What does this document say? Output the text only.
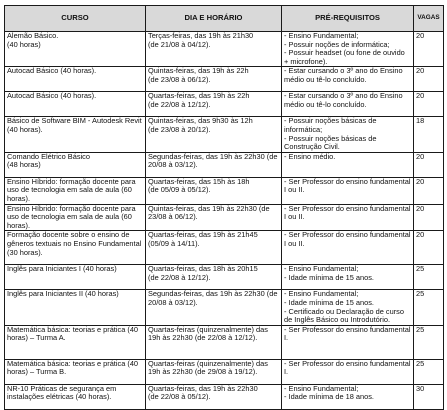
CURSO	DIA E HORÁRIO	PRÉ-REQUISITOS	VAGAS

Alemão Básico.
(40 horas)	Terças-feiras, das 19h às 21h30
(de 21/08 à 04/12).	- Ensino Fundamental;
- Possuir noções de informática;
- Possuir headset (ou fone de ouvido + microfone).	20

Autocad Básico (40 horas).	Quintas-feiras, das 19h às 22h
(de 23/08 à 06/12).	- Estar cursando o 3º ano do Ensino médio ou tê-lo concluído.	20

Autocad Básico (40 horas).	Quartas-feiras, das 19h às 22h
(de 22/08 à 12/12).	- Estar cursando o 3º ano do Ensino médio ou tê-lo concluído.	20

Básico de Software BIM - Autodesk Revit (40 horas).	Quintas-feiras, das 9h30 às 12h
(de 23/08 à 20/12).	- Possuir noções básicas de informática;
- Possuir noções básicas de Construção Civil.	18

Comando Elétrico Básico
(48 horas)	Segundas-feiras, das 19h às 22h30 (de 20/08 à 03/12).	- Ensino médio.	20

Ensino Híbrido: formação docente para uso de tecnologia em sala de aula (60 horas).	Quartas-feiras, das 15h às 18h
(de 05/09 à 05/12).	- Ser Professor do ensino fundamental I ou II.	20

Ensino Híbrido: formação docente para uso de tecnologia em sala de aula (60 horas).	Quintas-feiras, das 19h às 22h30 (de 23/08 à 06/12).	- Ser Professor do ensino fundamental I ou II.	20

Formação docente sobre o ensino de gêneros textuais no Ensino Fundamental (30 horas).	Quartas-feiras, das 19h às 21h45
(05/09 à 14/11).	- Ser Professor do ensino fundamental I ou II.	20

Inglês para Iniciantes I (40 horas)	Quartas-feiras, das 18h às 20h15
(de 22/08 à 12/12).	- Ensino Fundamental;
- Idade mínima de 15 anos.	25

Inglês para Iniciantes II (40 horas)	Segundas-feiras, das 19h às 22h30 (de 20/08 à 03/12).	- Ensino Fundamental;
- Idade mínima de 15 anos.
- Certificado ou Declaração de curso de Inglês Básico ou Introdutório.	25

Matemática básica: teorias e prática (40 horas) – Turma A.	Quartas-feiras (quinzenalmente) das 19h às 22h30 (de 22/08 à 12/12).	- Ser Professor do ensino fundamental I.	25

Matemática básica: teorias e prática (40 horas) – Turma B.	Quartas-feiras (quinzenalmente) das 19h às 22h30 (de 29/08 à 19/12).	- Ser Professor do ensino fundamental I.	25

NR-10 Práticas de segurança em instalações elétricas (40 horas).	Quartas-feiras, das 19h às 22h30
(de 22/08 à 05/12).	- Ensino Fundamental;
- Idade mínima de 18 anos.	30
